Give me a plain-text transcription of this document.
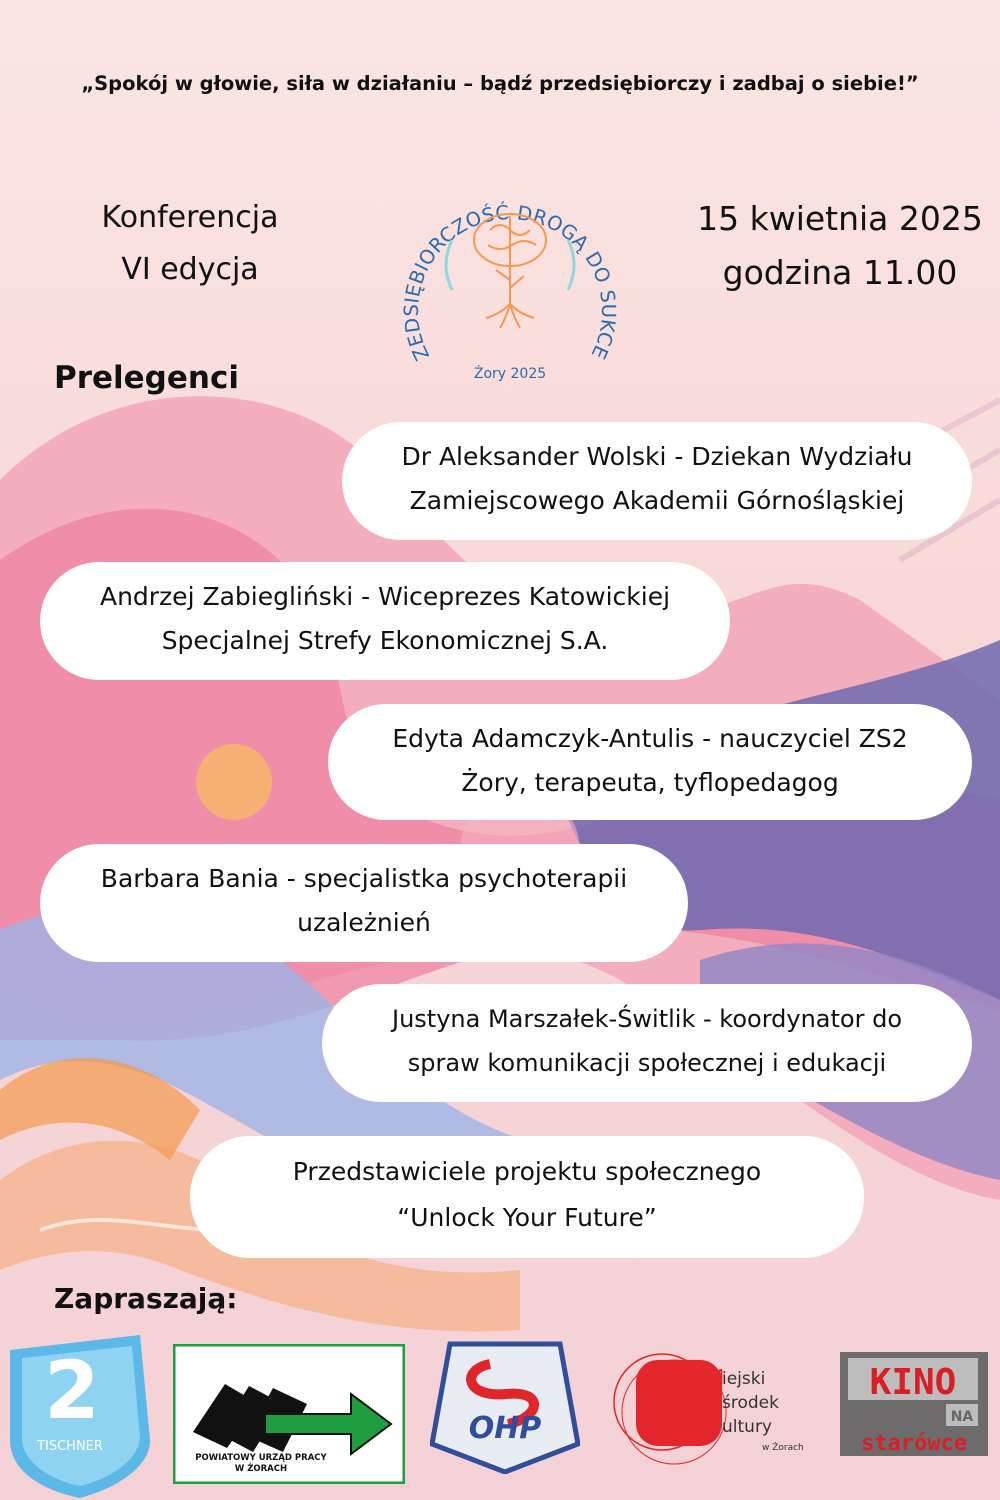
„Spokój w głowie, siła w działaniu – bądź przedsiębiorczy i zadbaj o siebie!”
Konferencja
VI edycja
ZEDSIĘBIORCZOŚĆ DROGĄ DO SUKCE
Żory 2025
15 kwietnia 2025
godzina 11.00
Prelegenci
Dr Aleksander Wolski - Dziekan Wydziału
Zamiejscowego Akademii Górnośląskiej
Andrzej Zabiegliński - Wiceprezes Katowickiej
Specjalnej Strefy Ekonomicznej S.A.
Edyta Adamczyk-Antulis - nauczyciel ZS2
Żory, terapeuta, tyflopedagog
Barbara Bania - specjalistka psychoterapii
uzależnień
Justyna Marszałek-Świtlik - koordynator do
spraw komunikacji społecznej i edukacji
Przedstawiciele projektu społecznego
“Unlock Your Future”
Zapraszają:
2
TISCHNER
POWIATOWY URZĄD PRACY
W ŻORACH
OHP
M
iejski
O środek
K ultury
w Żorach
KINO
NA
starówce
